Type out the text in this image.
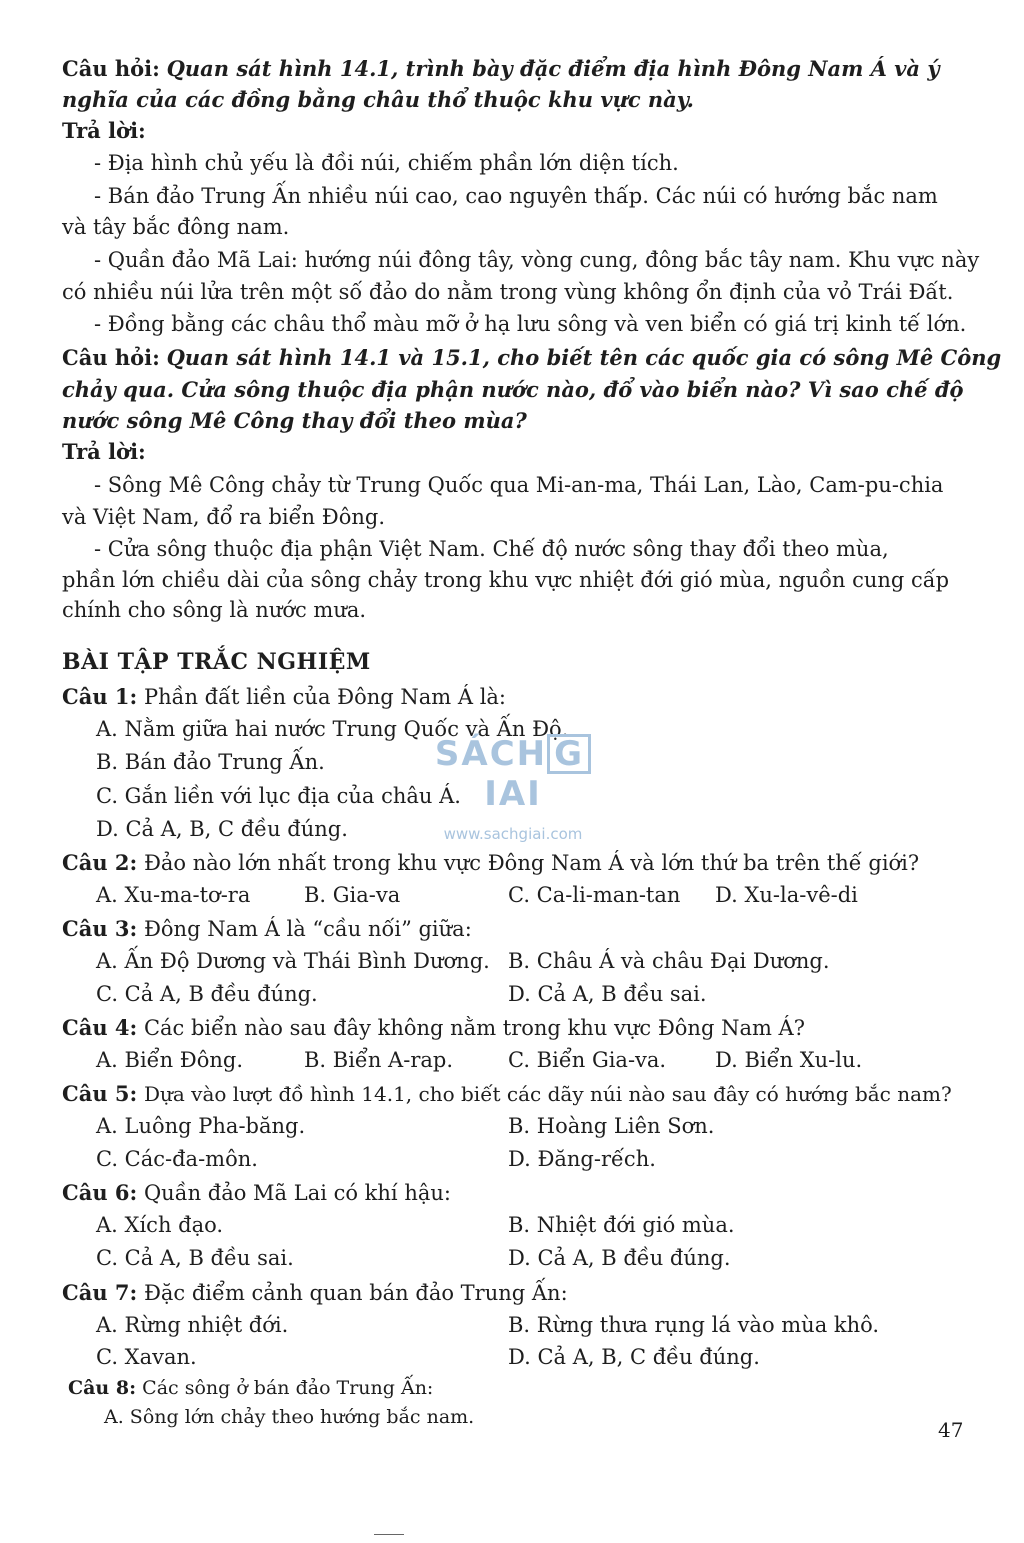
Câu hỏi: Quan sát hình 14.1, trình bày đặc điểm địa hình Đông Nam Á và ý
nghĩa của các đồng bằng châu thổ thuộc khu vực này.
Trả lời:
- Địa hình chủ yếu là đồi núi, chiếm phần lớn diện tích.
- Bán đảo Trung Ấn nhiều núi cao, cao nguyên thấp. Các núi có hướng bắc nam
và tây bắc đông nam.
- Quần đảo Mã Lai: hướng núi đông tây, vòng cung, đông bắc tây nam. Khu vực này
có nhiều núi lửa trên một số đảo do nằm trong vùng không ổn định của vỏ Trái Đất.
- Đồng bằng các châu thổ màu mỡ ở hạ lưu sông và ven biển có giá trị kinh tế lớn.
Câu hỏi: Quan sát hình 14.1 và 15.1, cho biết tên các quốc gia có sông Mê Công
chảy qua. Cửa sông thuộc địa phận nước nào, đổ vào biển nào? Vì sao chế độ
nước sông Mê Công thay đổi theo mùa?
Trả lời:
- Sông Mê Công chảy từ Trung Quốc qua Mi-an-ma, Thái Lan, Lào, Cam-pu-chia
và Việt Nam, đổ ra biển Đông.
- Cửa sông thuộc địa phận Việt Nam. Chế độ nước sông thay đổi theo mùa,
phần lớn chiều dài của sông chảy trong khu vực nhiệt đới gió mùa, nguồn cung cấp
chính cho sông là nước mưa.
BÀI TẬP TRẮC NGHIỆM
Câu 1: Phần đất liền của Đông Nam Á là:
A. Nằm giữa hai nước Trung Quốc và Ấn Độ.
B. Bán đảo Trung Ấn.
C. Gắn liền với lục địa của châu Á.
D. Cả A, B, C đều đúng.
Câu 2: Đảo nào lớn nhất trong khu vực Đông Nam Á và lớn thứ ba trên thế giới?
A. Xu-ma-tơ-ra	B. Gia-va	C. Ca-li-man-tan D. Xu-la-vê-di
Câu 3: Đông Nam Á là “cầu nối” giữa:
A. Ấn Độ Dương và Thái Bình Dương. B. Châu Á và châu Đại Dương.
C. Cả A, B đều đúng.	D. Cả A, B đều sai.
Câu 4: Các biển nào sau đây không nằm trong khu vực Đông Nam Á?
A. Biển Đông.	B. Biển A-rap.	C. Biển Gia-va. D. Biển Xu-lu.
Câu 5: Dựa vào lượt đồ hình 14.1, cho biết các dãy núi nào sau đây có hướng bắc nam?
A. Luông Pha-băng.	B. Hoàng Liên Sơn.
C. Các-đa-môn.	D. Đăng-rếch.
Câu 6: Quần đảo Mã Lai có khí hậu:
A. Xích đạo.	B. Nhiệt đới gió mùa.
C. Cả A, B đều sai.	D. Cả A, B đều đúng.
Câu 7: Đặc điểm cảnh quan bán đảo Trung Ấn:
A. Rừng nhiệt đới.	B. Rừng thưa rụng lá vào mùa khô.
C. Xavan.	D. Cả A, B, C đều đúng.
Câu 8: Các sông ở bán đảo Trung Ấn:
A. Sông lớn chảy theo hướng bắc nam.
SÁCH GIAI
www.sachgiai.com
47
